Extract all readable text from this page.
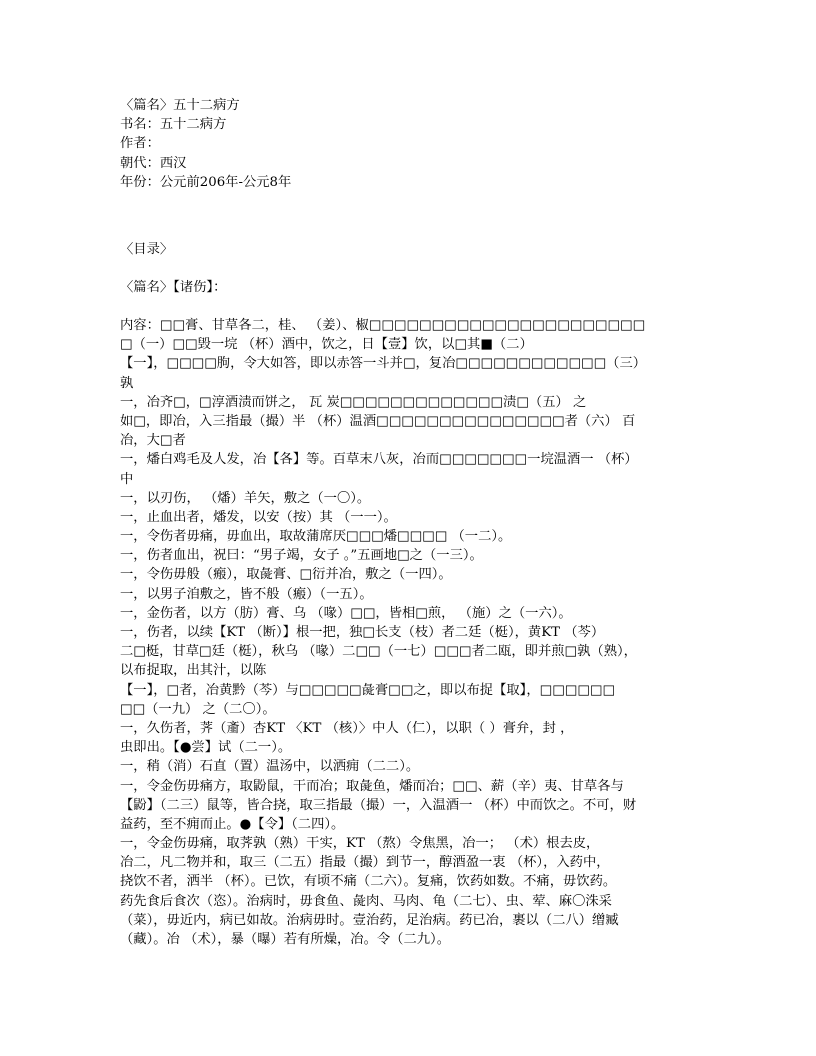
〈篇名〉五十二病方
书名：五十二病方
作者：
朝代：西汉
年份：公元前206年-公元8年
〈目录〉
〈篇名〉【诸伤】：
内容：□□膏、甘草各二，桂、 （姜）、椒□□□□□□□□□□□□□□□□□□□□□□
□（一）□□毁一垸 （杯）酒中，饮之，日【壹】饮，以□其■（二）
【一】，□□□□朐，令大如答，即以赤答一斗并□，复冶□□□□□□□□□□□□（三）
孰
一，冶齐□，□淳酒渍而饼之， 瓦 炭□□□□□□□□□□□□□渍□（五） 之
如□，即冶，入三指最（撮）半 （杯）温酒□□□□□□□□□□□□□□□者（六） 百
冶，大□者
一，燔白鸡毛及人发，冶【各】等。百草末八灰，冶而□□□□□□□一垸温酒一 （杯）
中
一，以刃伤， （燔）羊矢，敷之（一〇）。
一，止血出者，燔发，以安（按）其 （一一）。
一，令伤者毋痛，毋血出，取故蒲席厌□□□燔□□□□ （一二）。
一，伤者血出，祝曰：“男子竭，女子 。”五画地□之（一三）。
一，令伤毋般（瘢），取彘膏、□衍并冶，敷之（一四）。
一，以男子洎敷之，皆不般（瘢）（一五）。
一，金伤者，以方（肪）膏、乌 （喙）□□，皆相□煎， （施）之（一六）。
一，伤者，以续【KT （断）】根一把，独□长支（枝）者二廷（梃），黄KT （芩）
二□梃，甘草□廷（梃），秋乌 （喙）二□□（一七）□□□者二瓯，即并煎□孰（熟），
以布捉取，出其汁，以陈
【一】，□者，冶黄黔（芩）与□□□□□彘膏□□之，即以布捉【取】，□□□□□□
□□（一九） 之（二〇）。
一，久伤者，荠（齑）杏KT 〈KT （核）〉中人（仁），以职（ ）膏弁，封 ，
虫即出。【●尝】试（二一）。
一，稍（消）石直（置）温汤中，以洒痈（二二）。
一，令金伤毋痛方，取鼢鼠，干而冶；取彘鱼，燔而冶；□□、薪（辛）夷、甘草各与
【鼢】（二三）鼠等，皆合挠，取三指最（撮）一，入温酒一 （杯）中而饮之。不可，财
益药，至不痈而止。●【令】（二四）。
一，令金伤毋痛，取荠孰（熟）干实，KT （熬）令焦黑，冶一； （术）根去皮，
冶二，凡二物并和，取三（二五）指最（撮）到节一，醇酒盈一衷 （杯），入药中，
挠饮不者，洒半 （杯）。已饮，有顷不痛（二六）。复痛，饮药如数。不痛，毋饮药。
药先食后食次（恣）。治病时，毋食鱼、彘肉、马肉、龟（二七）、虫、荤、麻〇洙采
（菜），毋近内，病已如故。治病毋时。壹治药，足治病。药已冶，裹以（二八）缯臧
（藏）。冶 （术），暴（曝）若有所燥，冶。令（二九）。
